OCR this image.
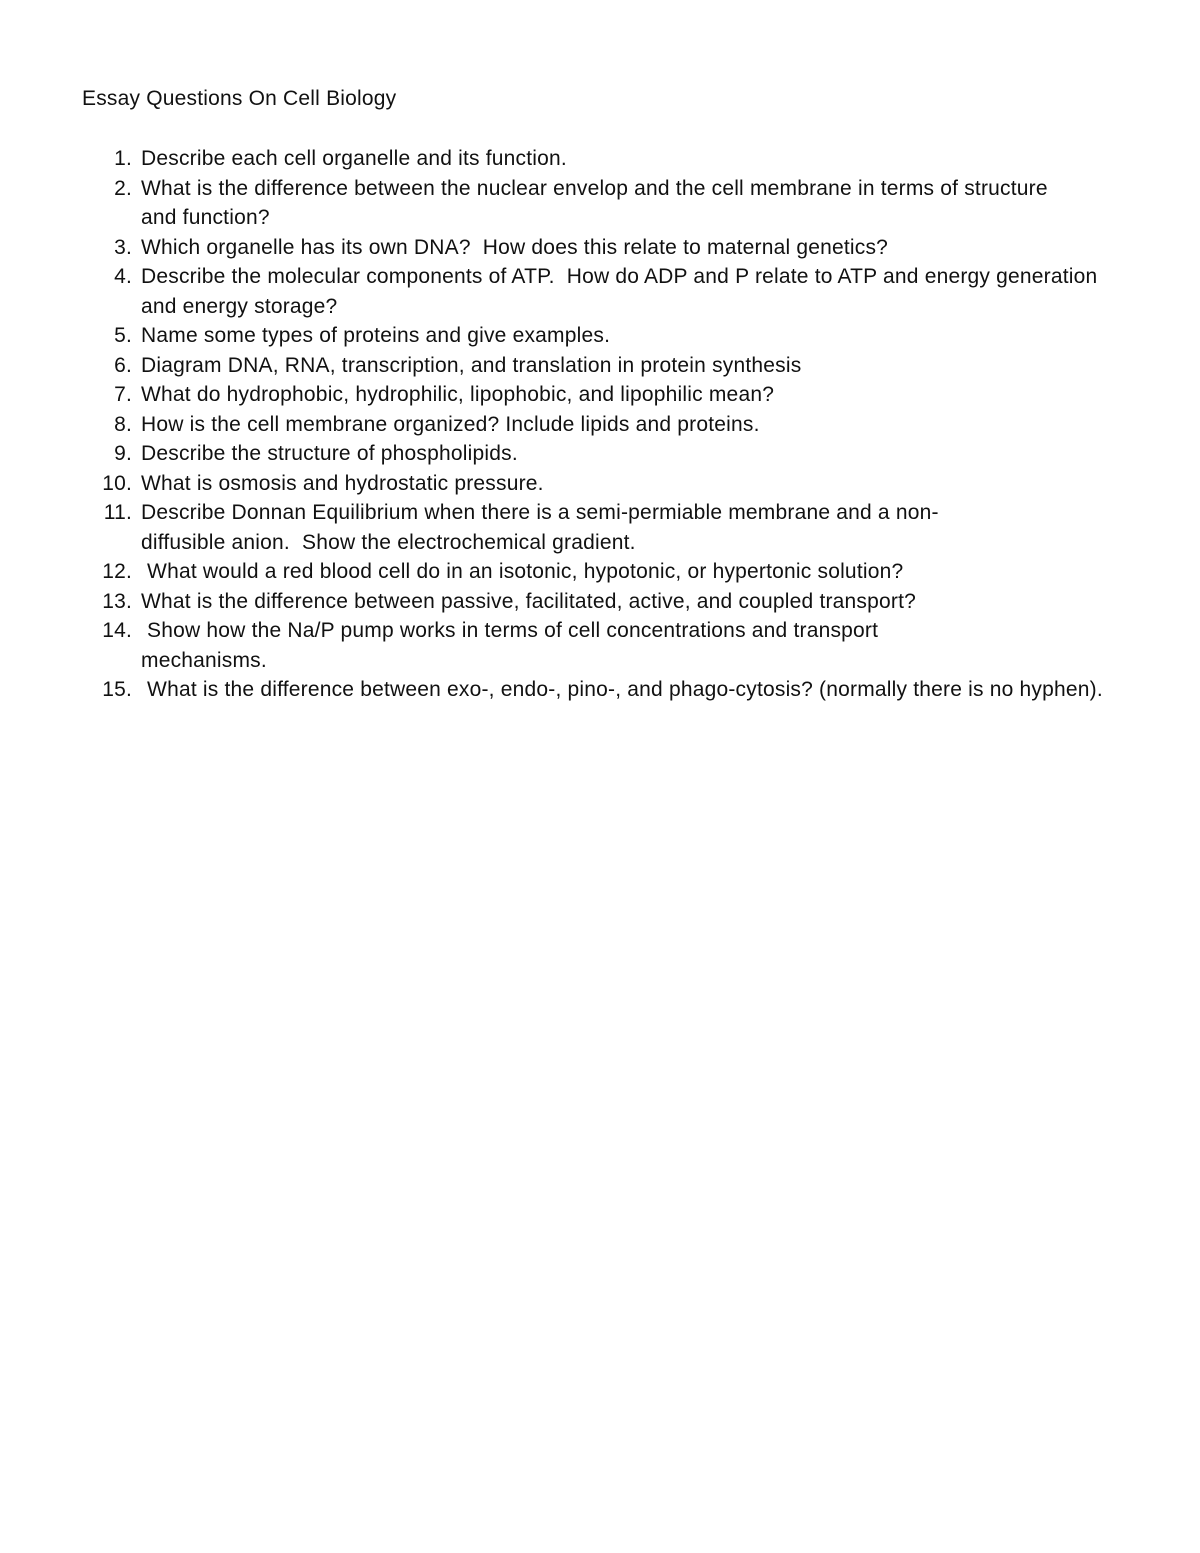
Essay Questions On Cell Biology
1. Describe each cell organelle and its function.
2. What is the difference between the nuclear envelop and the cell membrane in terms of structure and function?
3. Which organelle has its own DNA?  How does this relate to maternal genetics?
4. Describe the molecular components of ATP.  How do ADP and P relate to ATP and energy generation and energy storage?
5. Name some types of proteins and give examples.
6. Diagram DNA, RNA, transcription, and translation in protein synthesis
7. What do hydrophobic, hydrophilic, lipophobic, and lipophilic mean?
8. How is the cell membrane organized? Include lipids and proteins.
9. Describe the structure of phospholipids.
10. What is osmosis and hydrostatic pressure.
11. Describe Donnan Equilibrium when there is a semi-permiable membrane and a non-diffusible anion.  Show the electrochemical gradient.
12. What would a red blood cell do in an isotonic, hypotonic, or hypertonic solution?
13. What is the difference between passive, facilitated, active, and coupled transport?
14. Show how the Na/P pump works in terms of cell concentrations and transport mechanisms.
15. What is the difference between exo-, endo-, pino-, and phago-cytosis? (normally there is no hyphen).
